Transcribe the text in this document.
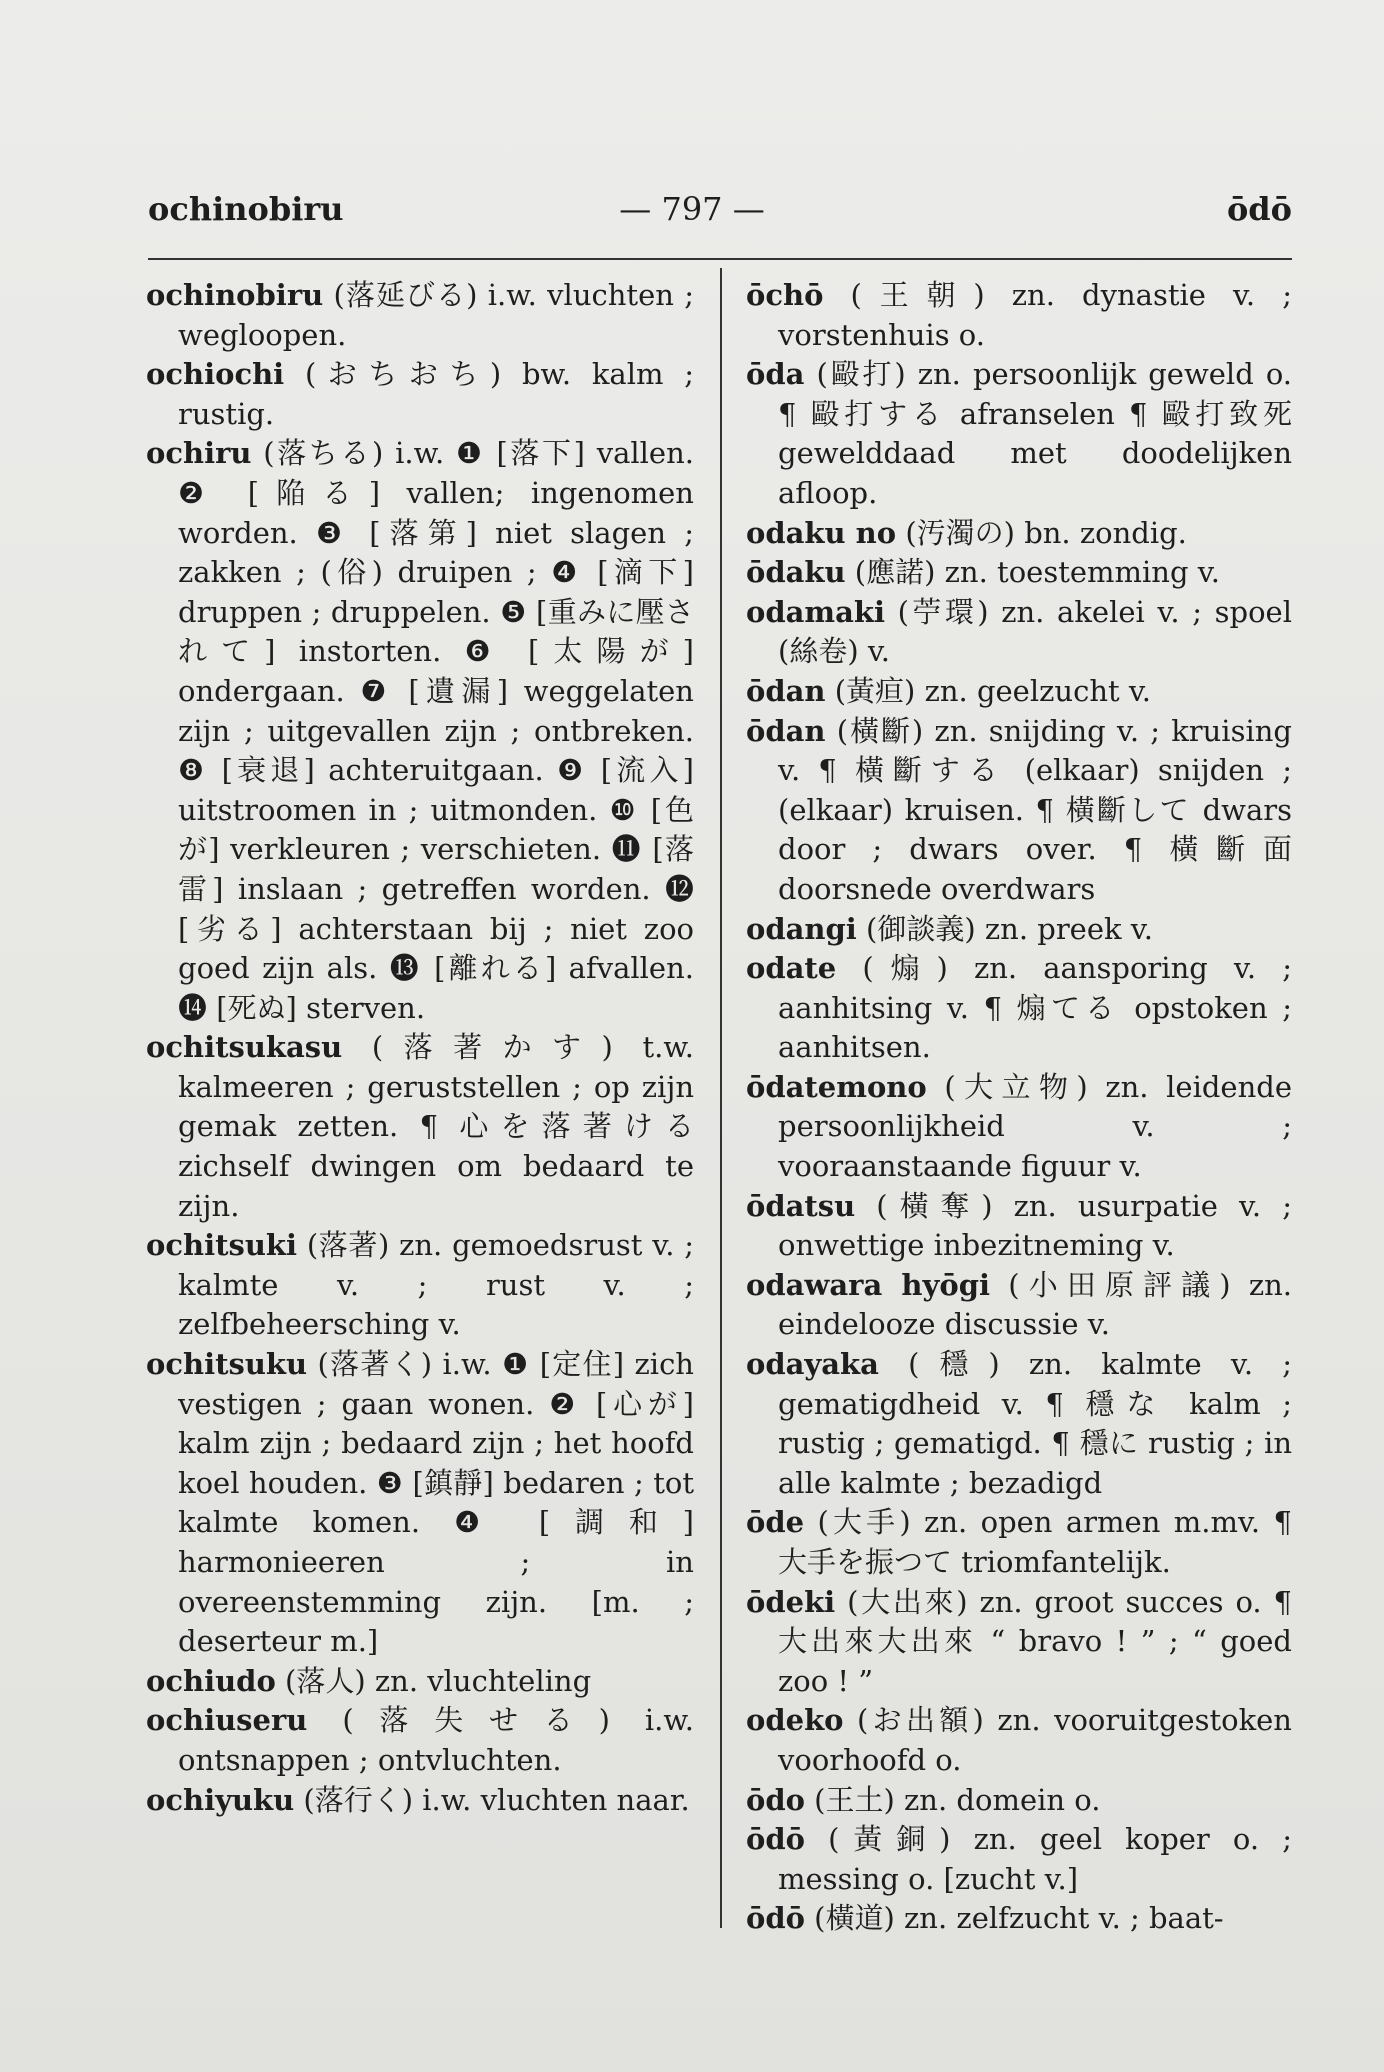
ochinobiru	— 797 —	ōdō

ochinobiru (落延びる) i.w. vluchten ; wegloopen.

ochiochi (おちおち) bw. kalm ; rustig.

ochiru (落ちる) i.w. ❶ [落下] vallen. ❷ [陥る] vallen; ingenomen worden. ❸ [落第] niet slagen ; zakken ; (俗) druipen ; ❹ [滴下] druppen ; druppelen. ❺ [重みに壓されて] instorten. ❻ [太陽が] ondergaan. ❼ [遺漏] weggelaten zijn ; uitgevallen zijn ; ontbreken. ❽ [衰退] achteruitgaan. ❾ [流入] uitstroomen in ; uitmonden. ❿ [色が] verkleuren ; verschieten. ⓫ [落雷] inslaan ; getreffen worden. ⓬ [劣る] achterstaan bij ; niet zoo goed zijn als. ⓭ [離れる] afvallen. ⓮ [死ぬ] sterven.

ochitsukasu (落著かす) t.w. kalmeeren ; geruststellen ; op zijn gemak zetten. ¶ 心を落著ける zichself dwingen om bedaard te zijn.

ochitsuki (落著) zn. gemoedsrust v. ; kalmte v. ; rust v. ; zelfbeheersching v.

ochitsuku (落著く) i.w. ❶ [定住] zich vestigen ; gaan wonen. ❷ [心が] kalm zijn ; bedaard zijn ; het hoofd koel houden. ❸ [鎮靜] bedaren ; tot kalmte komen. ❹ [調和] harmonieeren ; in overeenstemming zijn. [m. ; deserteur m.]

ochiudo (落人) zn. vluchteling

ochiuseru (落失せる) i.w. ontsnappen ; ontvluchten.

ochiyuku (落行く) i.w. vluchten naar.

ōchō (王朝) zn. dynastie v. ; vorstenhuis o.

ōda (毆打) zn. persoonlijk geweld o. ¶ 毆打する afranselen ¶ 毆打致死 gewelddaad met doodelijken afloop.

odaku no (汚濁の) bn. zondig.

ōdaku (應諾) zn. toestemming v.

odamaki (苧環) zn. akelei v. ; spoel (絲卷) v.

ōdan (黃疸) zn. geelzucht v.

ōdan (橫斷) zn. snijding v. ; kruising v. ¶ 橫斷する (elkaar) snijden ; (elkaar) kruisen. ¶ 橫斷して dwars door ; dwars over. ¶ 橫斷面 doorsnede overdwars

odangi (御談義) zn. preek v.

odate (煽) zn. aansporing v. ; aanhitsing v. ¶ 煽てる opstoken ; aanhitsen.

ōdatemono (大立物) zn. leidende persoonlijkheid v. ; vooraanstaande figuur v.

ōdatsu (橫奪) zn. usurpatie v. ; onwettige inbezitneming v.

odawara hyōgi (小田原評議) zn. eindelooze discussie v.

odayaka (穩) zn. kalmte v. ; gematigdheid v. ¶ 穩な kalm ; rustig ; gematigd. ¶ 穩に rustig ; in alle kalmte ; bezadigd

ōde (大手) zn. open armen m.mv. ¶ 大手を振つて triomfantelijk.

ōdeki (大出來) zn. groot succes o. ¶ 大出來大出來 “ bravo ! ” ; “ goed zoo ! ”

odeko (お出額) zn. vooruitgestoken voorhoofd o.

ōdo (王土) zn. domein o.

ōdō (黃銅) zn. geel koper o. ; messing o. [zucht v.]

ōdō (橫道) zn. zelfzucht v. ; baat-
